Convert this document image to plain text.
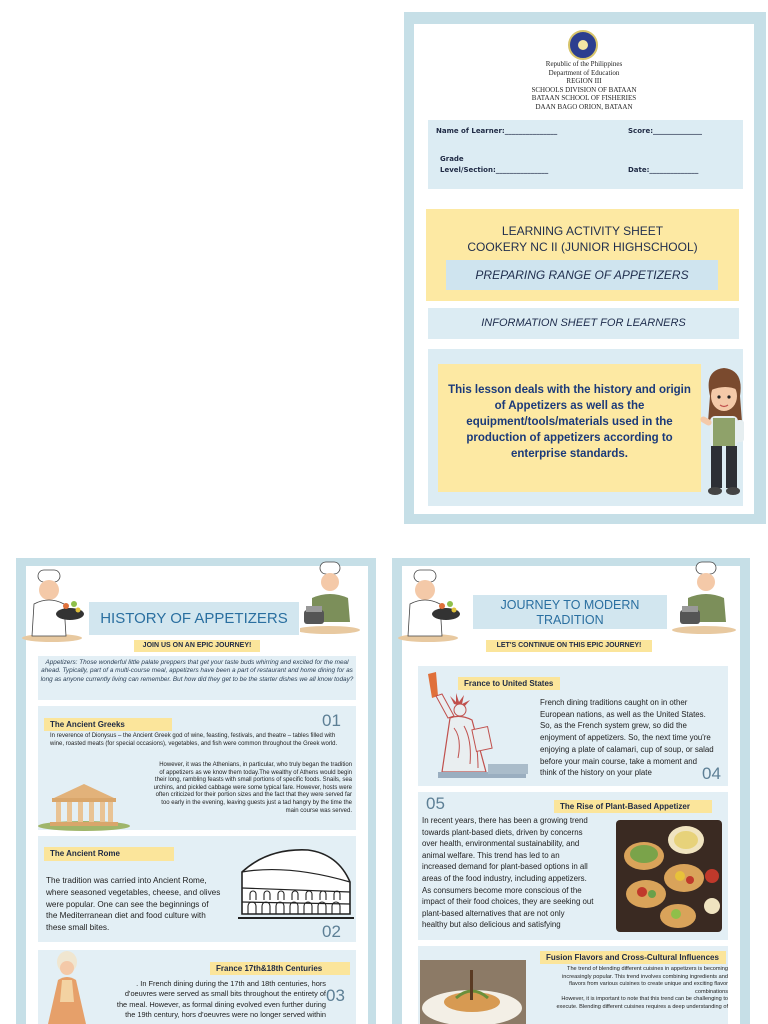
Republic of the Philippines
Department of Education
REGION III
SCHOOLS DIVISION OF BATAAN
BATAAN SCHOOL OF FISHERIES
DAAN BAGO ORION, BATAAN
Name of Learner:_______________	Score:______________
Grade
Level/Section:_______________	Date:______________
LEARNING ACTIVITY SHEET
COOKERY NC II (JUNIOR HIGHSCHOOL)
PREPARING RANGE OF APPETIZERS
INFORMATION SHEET FOR LEARNERS
This lesson deals with the history and origin of Appetizers as well as the equipment/tools/materials used in the production of appetizers according to enterprise standards.
HISTORY OF APPETIZERS
JOIN US ON AN EPIC JOURNEY!
Appetizers: Those wonderful little palate preppers that get your taste buds whirring and excited for the meal ahead. Typically, part of a multi-course meal, appetizers have been a part of restaurant and home dining for as long as anyone currently living can remember. But how did they get to be the starter dishes we all know today?
The Ancient Greeks	01
In reverence of Dionysus – the Ancient Greek god of wine, feasting, festivals, and theatre – tables filled with wine, roasted meats (for special occasions), vegetables, and fish were common throughout the Greek world.
However, it was the Athenians, in particular, who truly began the tradition
of appetizers as we know them today.The wealthy of Athens would begin
their long, rambling feasts with small portions of specific foods. Snails, sea
urchins, and pickled cabbage were some typical fare. However, hosts were
often criticized for their portion sizes and the fact that they were served far
too early in the evening, leaving guests just a tad hangry by the time the
main course was served.
The Ancient Rome
The tradition was carried into Ancient Rome,
where seasoned vegetables, cheese, and olives
were popular. One can see the beginnings of
the Mediterranean diet and food culture with
these small bites.	02
France 17th&18th Centuries
03
. In French dining during the 17th and 18th centuries, hors
d'oeuvres were served as small bits throughout the entirety of
the meal. However, as formal dining evolved even further during
the 19th century, hors d'oeuvres were no longer served within
JOURNEY TO MODERN
TRADITION
LET'S CONTINUE ON THIS EPIC JOURNEY!
France to United States
French dining traditions caught on in other
European nations, as well as the United States.
So, as the French system grew, so did the
enjoyment of appetizers. So, the next time you're
enjoying a plate of calamari, cup of soup, or salad
before your main course, take a moment and
think of the history on your plate	04
05	The Rise of Plant-Based Appetizer
In recent years, there has been a growing trend
towards plant-based diets, driven by concerns
over health, environmental sustainability, and
animal welfare. This trend has led to an
increased demand for plant-based options in all
areas of the food industry, including appetizers.
As consumers become more conscious of the
impact of their food choices, they are seeking out
plant-based alternatives that are not only
healthy but also delicious and satisfying
Fusion Flavors and Cross-Cultural Influences
The trend of blending different cuisines in appetizers is becoming
increasingly popular. This trend involves combining ingredients and
flavors from various cuisines to create unique and exciting flavor
combinations
However, it is important to note that this trend can be challenging to
execute. Blending different cuisines requires a deep understanding of
